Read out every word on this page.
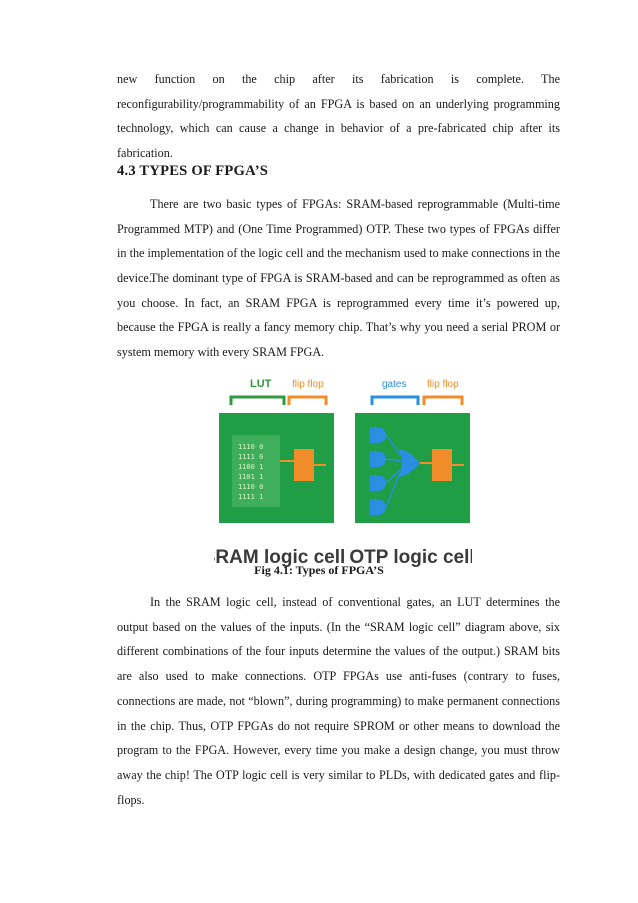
new function on the chip after its fabrication is complete. The reconfigurability/programmability of an FPGA is based on an underlying programming technology, which can cause a change in behavior of a pre-fabricated chip after its fabrication.

4.3 TYPES OF FPGA’S

There are two basic types of FPGAs: SRAM-based reprogrammable (Multi-time Programmed MTP) and (One Time Programmed) OTP. These two types of FPGAs differ in the implementation of the logic cell and the mechanism used to make connections in the device.

The dominant type of FPGA is SRAM-based and can be reprogrammed as often as you choose. In fact, an SRAM FPGA is reprogrammed every time it’s powered up, because the FPGA is really a fancy memory chip. That’s why you need a serial PROM or system memory with every SRAM FPGA.

LUT flip flop
1110 0
1111 0
1100 1
1101 1
1110 0
1111 1
SRAM logic cell
gates flip flop
OTP logic cell

Fig 4.1: Types of FPGA’S

In the SRAM logic cell, instead of conventional gates, an LUT determines the output based on the values of the inputs. (In the “SRAM logic cell” diagram above, six different combinations of the four inputs determine the values of the output.) SRAM bits are also used to make connections. OTP FPGAs use anti-fuses (contrary to fuses, connections are made, not “blown”, during programming) to make permanent connections in the chip. Thus, OTP FPGAs do not require SPROM or other means to download the program to the FPGA. However, every time you make a design change, you must throw away the chip! The OTP logic cell is very similar to PLDs, with dedicated gates and flip-flops.
